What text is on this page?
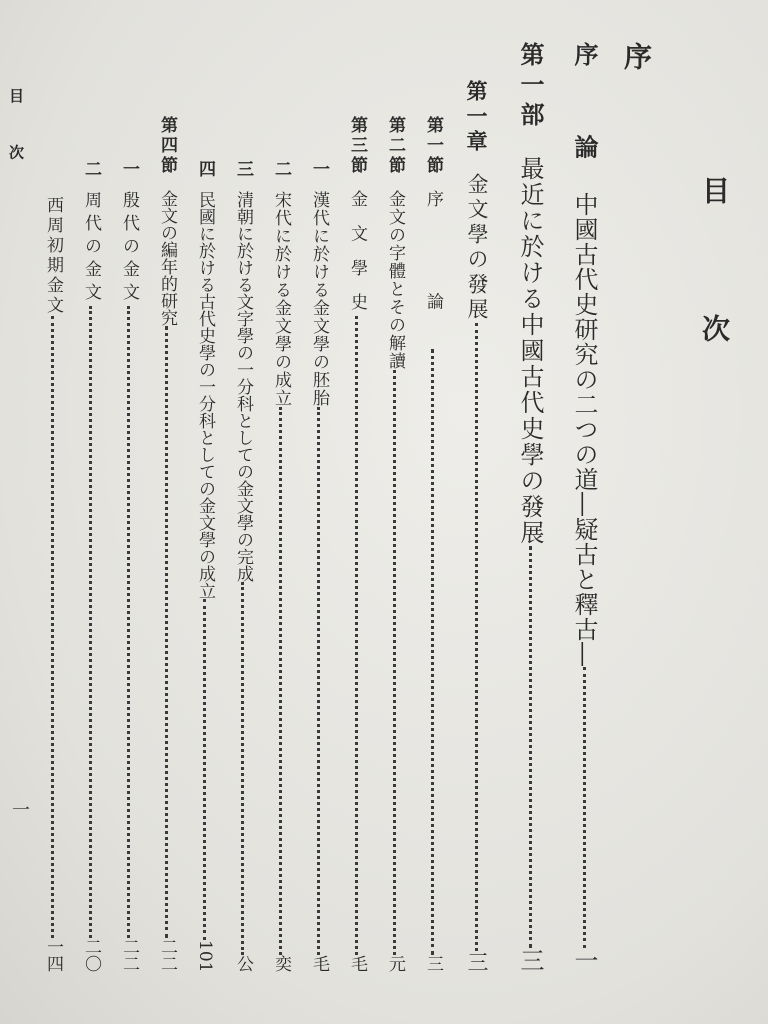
目 次
一
目 次
序
序 論
中國古代史研究の二つの道―疑古と釋古―
一
第一部
最近に於ける中國古代史學の發展
三
第一章
金文學の發展
三
第一節
序 論
三
第二節
金文の字體とその解讀
元
第三節
金 文 學 史
毛
一
漢代に於ける金文學の胚胎
毛
二
宋代に於ける金文學の成立
奕
三
清朝に於ける文字學の一分科としての金文學の完成
公
四
民國に於ける古代史學の一分科としての金文學の成立
101
第四節
金文の編年的研究
二二
一
殷代の金文
二二
二
周代の金文
二〇
西周初期金文
一四
